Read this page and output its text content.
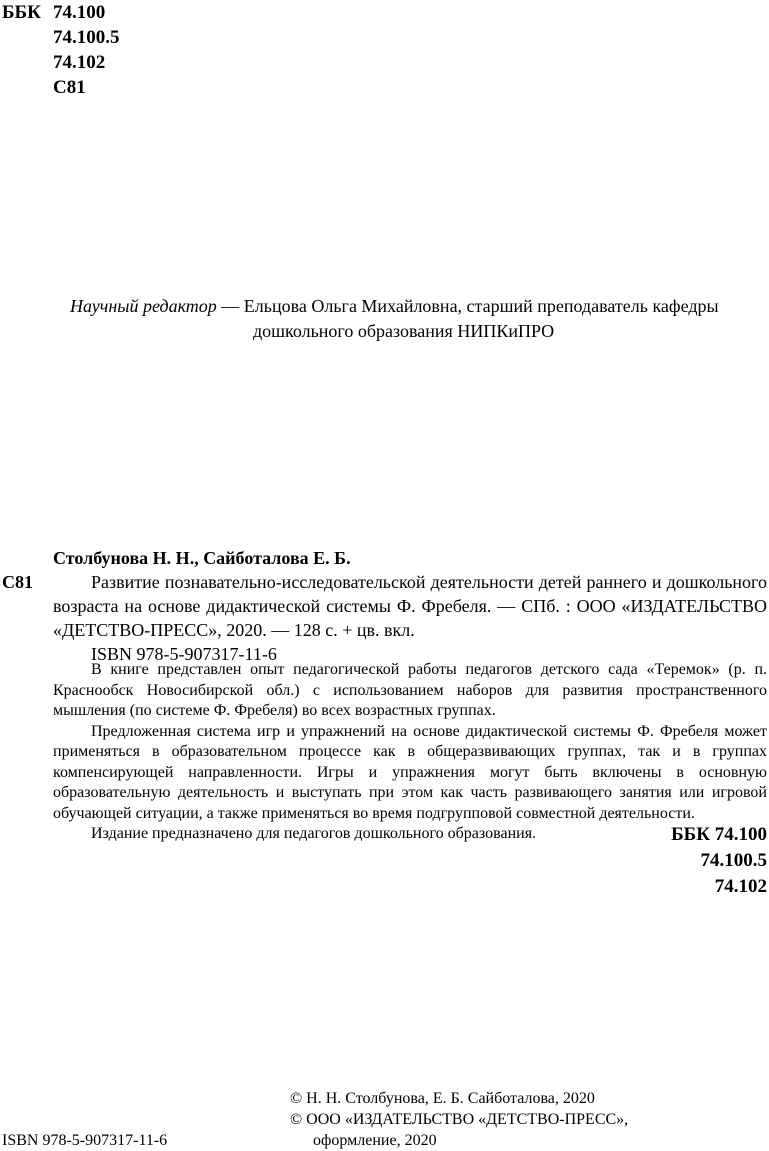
ББК 74.100
74.100.5
74.102
С81
Научный редактор — Ельцова Ольга Михайловна, старший преподаватель кафедры
дошкольного образования НИПКиПРО
Столбунова Н. Н., Сайботалова Е. Б.
С81	Развитие познавательно-исследовательской деятельности детей раннего и дошкольного возраста на основе дидактической системы Ф. Фребеля. — СПб. : ООО «ИЗДАТЕЛЬСТВО «ДЕТСТВО-ПРЕСС», 2020. — 128 с. + цв. вкл.

ISBN 978-5-907317-11-6

В книге представлен опыт педагогической работы педагогов детского сада «Теремок» (р. п. Краснообск Новосибирской обл.) с использованием наборов для развития пространственного мышления (по системе Ф. Фребеля) во всех возрастных группах.

Предложенная система игр и упражнений на основе дидактической системы Ф. Фребеля может применяться в образовательном процессе как в общеразвивающих группах, так и в группах компенсирующей направленности. Игры и упражнения могут быть включены в основную образовательную деятельность и выступать при этом как часть развивающего занятия или игровой обучающей ситуации, а также применяться во время подгрупповой совместной деятельности.

Издание предназначено для педагогов дошкольного образования.	ББК 74.100
74.100.5
74.102
© Н. Н. Столбунова, Е. Б. Сайботалова, 2020
© ООО «ИЗДАТЕЛЬСТВО «ДЕТСТВО-ПРЕСС»,
оформление, 2020
ISBN 978-5-907317-11-6
